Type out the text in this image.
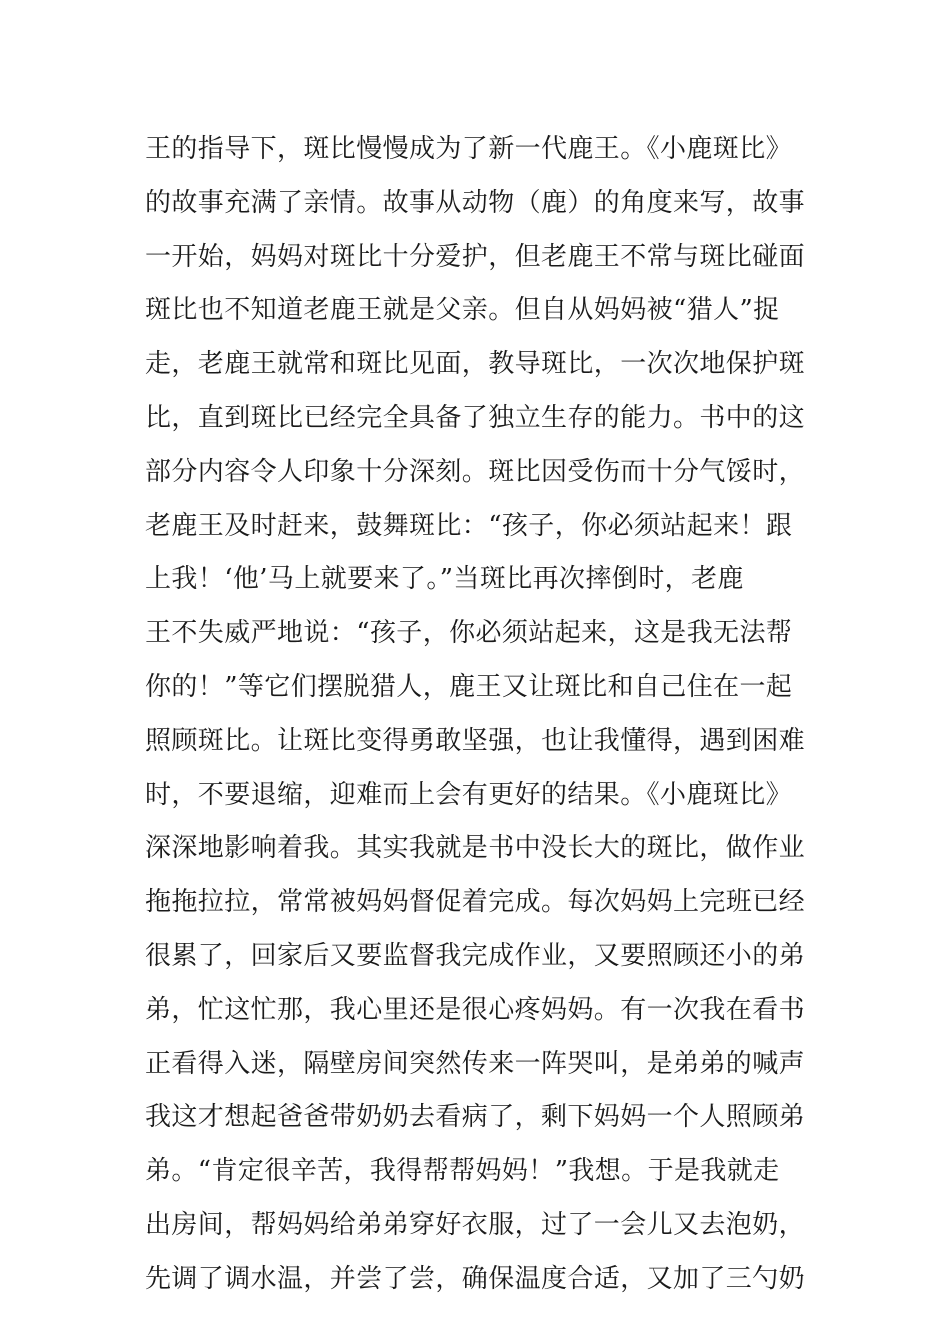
王的指导下，斑比慢慢成为了新一代鹿王。《小鹿斑比》
的故事充满了亲情。故事从动物（鹿）的角度来写，故事
一开始，妈妈对斑比十分爱护，但老鹿王不常与斑比碰面
斑比也不知道老鹿王就是父亲。但自从妈妈被“猎人”捉
走，老鹿王就常和斑比见面，教导斑比，一次次地保护斑
比，直到斑比已经完全具备了独立生存的能力。书中的这
部分内容令人印象十分深刻。斑比因受伤而十分气馁时，
老鹿王及时赶来，鼓舞斑比：“孩子，你必须站起来！跟
上我！‘他’马上就要来了。”当斑比再次摔倒时，老鹿
王不失威严地说：“孩子，你必须站起来，这是我无法帮
你的！”等它们摆脱猎人，鹿王又让斑比和自己住在一起
照顾斑比。让斑比变得勇敢坚强，也让我懂得，遇到困难
时，不要退缩，迎难而上会有更好的结果。《小鹿斑比》
深深地影响着我。其实我就是书中没长大的斑比，做作业
拖拖拉拉，常常被妈妈督促着完成。每次妈妈上完班已经
很累了，回家后又要监督我完成作业，又要照顾还小的弟
弟，忙这忙那，我心里还是很心疼妈妈。有一次我在看书
正看得入迷，隔壁房间突然传来一阵哭叫，是弟弟的喊声
我这才想起爸爸带奶奶去看病了，剩下妈妈一个人照顾弟
弟。“肯定很辛苦，我得帮帮妈妈！”我想。于是我就走
出房间，帮妈妈给弟弟穿好衣服，过了一会儿又去泡奶，
先调了调水温，并尝了尝，确保温度合适，又加了三勺奶
